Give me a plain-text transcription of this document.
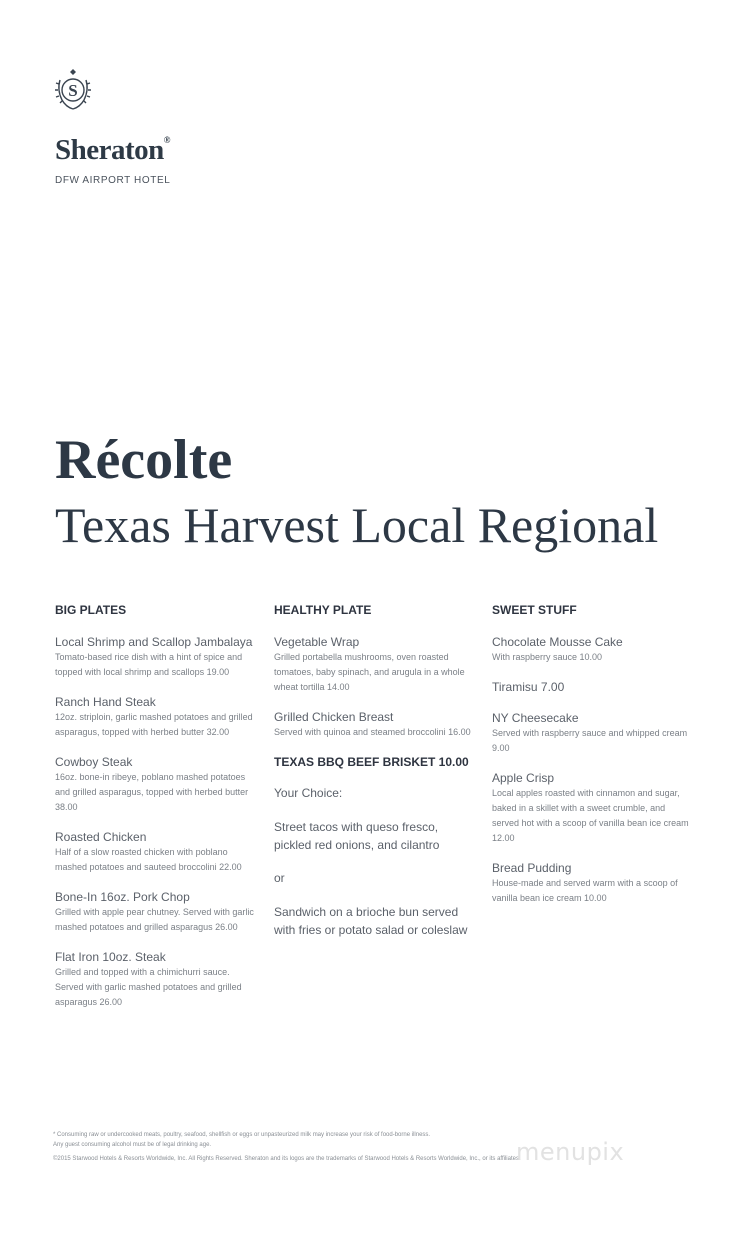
S
Sheraton®
DFW AIRPORT HOTEL
Récolte
Texas Harvest Local Regional
BIG PLATES
Local Shrimp and Scallop Jambalaya
Tomato-based rice dish with a hint of spice and topped with local shrimp and scallops 19.00
Ranch Hand Steak
12oz. striploin, garlic mashed potatoes and grilled asparagus, topped with herbed butter 32.00
Cowboy Steak
16oz. bone-in ribeye, poblano mashed potatoes and grilled asparagus, topped with herbed butter 38.00
Roasted Chicken
Half of a slow roasted chicken with poblano mashed potatoes and sauteed broccolini 22.00
Bone-In 16oz. Pork Chop
Grilled with apple pear chutney. Served with garlic mashed potatoes and grilled asparagus 26.00
Flat Iron 10oz. Steak
Grilled and topped with a chimichurri sauce. Served with garlic mashed potatoes and grilled asparagus 26.00
HEALTHY PLATE
Vegetable Wrap
Grilled portabella mushrooms, oven roasted tomatoes, baby spinach, and arugula in a whole wheat tortilla 14.00
Grilled Chicken Breast
Served with quinoa and steamed broccolini 16.00
TEXAS BBQ BEEF BRISKET 10.00
Your Choice:
Street tacos with queso fresco, pickled red onions, and cilantro
or
Sandwich on a brioche bun served with fries or potato salad or coleslaw
SWEET STUFF
Chocolate Mousse Cake
With raspberry sauce 10.00
Tiramisu 7.00
NY Cheesecake
Served with raspberry sauce and whipped cream 9.00
Apple Crisp
Local apples roasted with cinnamon and sugar, baked in a skillet with a sweet crumble, and served hot with a scoop of vanilla bean ice cream 12.00
Bread Pudding
House-made and served warm with a scoop of vanilla bean ice cream 10.00
* Consuming raw or undercooked meats, poultry, seafood, shellfish or eggs or unpasteurized milk may increase your risk of food-borne illness.
Any guest consuming alcohol must be of legal drinking age.
©2015 Starwood Hotels & Resorts Worldwide, Inc. All Rights Reserved. Sheraton and its logos are the trademarks of Starwood Hotels & Resorts Worldwide, Inc., or its affiliates.
menupix
